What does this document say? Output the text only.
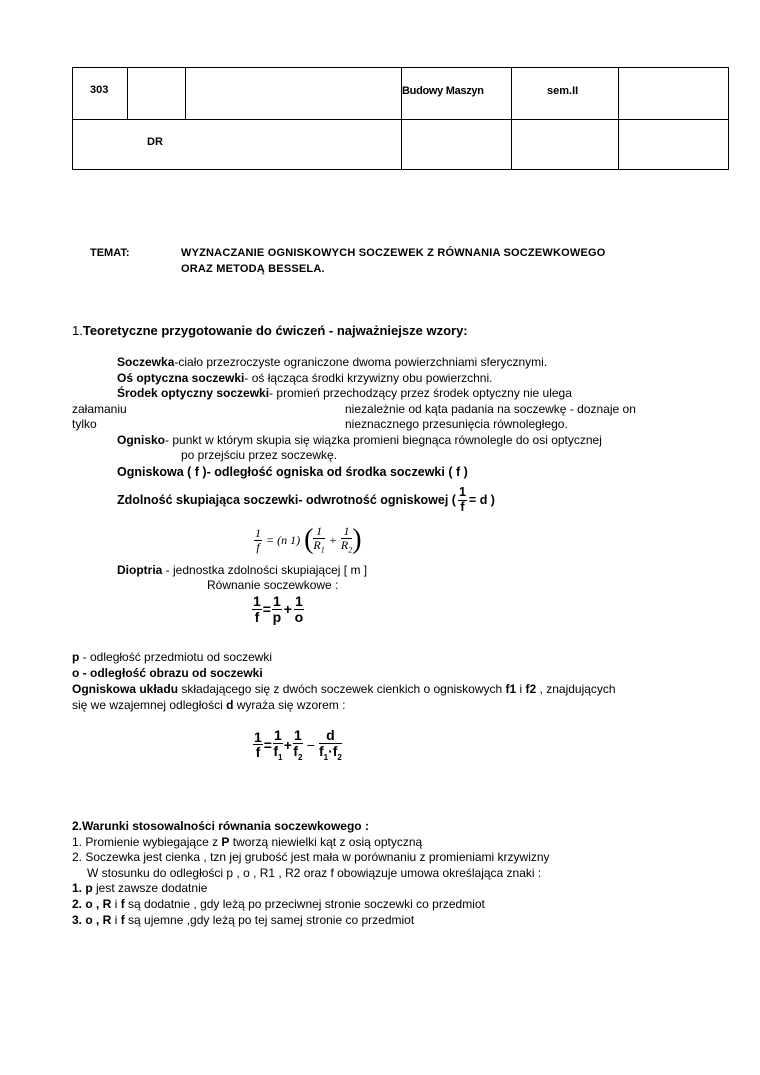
303	Budowy Maszyn	sem.II
DR
TEMAT:	WYZNACZANIE OGNISKOWYCH SOCZEWEK Z RÓWNANIA SOCZEWKOWEGO
ORAZ METODĄ BESSELA.
1.Teoretyczne przygotowanie do ćwiczeń - najważniejsze wzory:
Soczewka-ciało przezroczyste ograniczone dwoma powierzchniami sferycznymi.
Oś optyczna soczewki- oś łącząca środki krzywizny obu powierzchni.
Środek optyczny soczewki- promień przechodzący przez środek optyczny nie ulega
załamaniu	niezależnie od kąta padania na soczewkę - doznaje on
tylko	nieznacznego przesunięcia równoległego.
Ognisko- punkt w którym skupia się wiązka promieni biegnąca równolegle do osi optycznej
po przejściu przez soczewkę.
Ogniskowa ( f )- odległość ogniska od środka soczewki ( f )
Zdolność skupiająca soczewki- odwrotność ogniskowej ( $\frac{1}{f} = d$ )
$\frac{1}{f} = (n$ 1) ( $\frac{1}{R_1} + \frac{1}{R_2}$ )
Dioptria - jednostka zdolności skupiającej [ m ]
Równanie soczewkowe :
$\frac{1}{f} = \frac{1}{p} + \frac{1}{o}$
p - odległość przedmiotu od soczewki
o - odległość obrazu od soczewki
Ogniskowa układu składającego się z dwóch soczewek cienkich o ogniskowych f1 i f2 , znajdujących
się we wzajemnej odległości d wyraża się wzorem :
$\frac{1}{f} = \frac{1}{f_1} + \frac{1}{f_2} - \frac{d}{f_1\cdot f_2}$
2.Warunki stosowalności równania soczewkowego :
1. Promienie wybiegające z P tworzą niewielki kąt z osią optyczną
2. Soczewka jest cienka , tzn jej grubość jest mała w porównaniu z promieniami krzywizny
W stosunku do odległości p , o , R1 , R2 oraz f obowiązuje umowa określająca znaki :
1. p jest zawsze dodatnie
2. o , R i f są dodatnie , gdy leżą po przeciwnej stronie soczewki co przedmiot
3. o , R i f są ujemne ,gdy leżą po tej samej stronie co przedmiot
